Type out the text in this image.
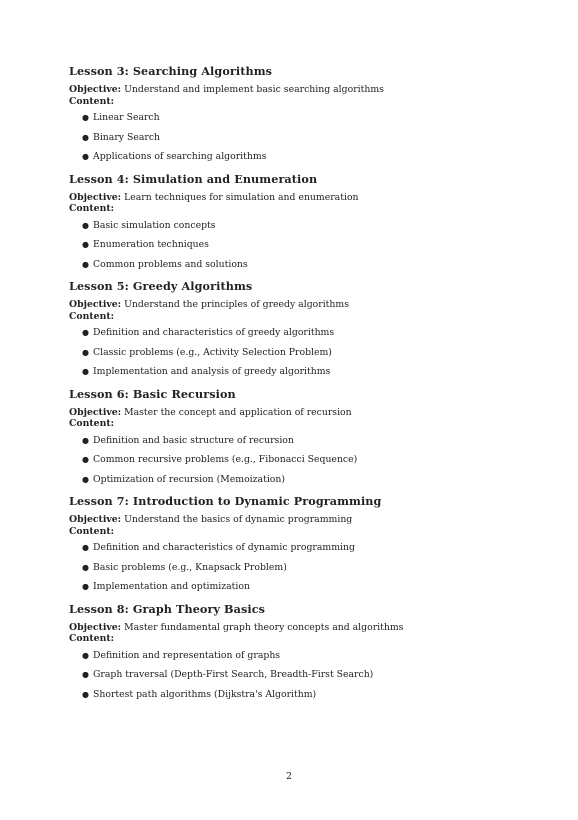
Lesson 3: Searching Algorithms
Objective: Understand and implement basic searching algorithms
Content:
● Linear Search
● Binary Search
● Applications of searching algorithms
Lesson 4: Simulation and Enumeration
Objective: Learn techniques for simulation and enumeration
Content:
● Basic simulation concepts
● Enumeration techniques
● Common problems and solutions
Lesson 5: Greedy Algorithms
Objective: Understand the principles of greedy algorithms
Content:
● Definition and characteristics of greedy algorithms
● Classic problems (e.g., Activity Selection Problem)
● Implementation and analysis of greedy algorithms
Lesson 6: Basic Recursion
Objective: Master the concept and application of recursion
Content:
● Definition and basic structure of recursion
● Common recursive problems (e.g., Fibonacci Sequence)
● Optimization of recursion (Memoization)
Lesson 7: Introduction to Dynamic Programming
Objective: Understand the basics of dynamic programming
Content:
● Definition and characteristics of dynamic programming
● Basic problems (e.g., Knapsack Problem)
● Implementation and optimization
Lesson 8: Graph Theory Basics
Objective: Master fundamental graph theory concepts and algorithms
Content:
● Definition and representation of graphs
● Graph traversal (Depth-First Search, Breadth-First Search)
● Shortest path algorithms (Dijkstra's Algorithm)
2
